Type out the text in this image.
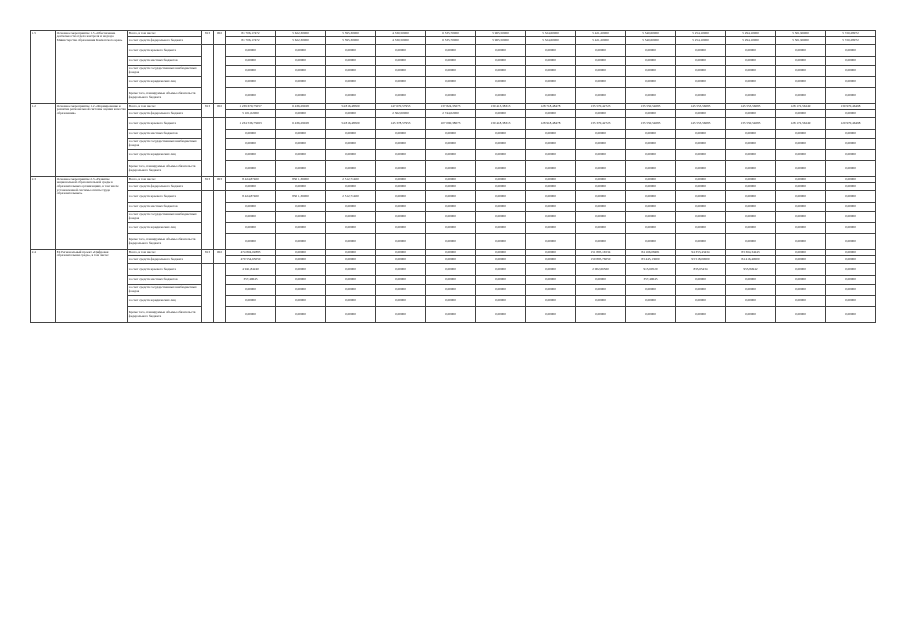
1.5	Основное мероприятие 1.5 «Обеспечение деятельности отдела контроля и надзора Министерства образования Камчатского края»	Всего, в том числе:	813	002	81 706,17472	5 622,30000	5 595,30000	4 330,50000	6 535,70000	5 965,50000	5 324,60000	5 421,20000	5 540,60000	5 254,10000	5 294,10000	5 501,96000	5 720,28972
		за счет средств федерального бюджета			81 706,17472	5 622,30000	5 595,30000	4 330,50000	6 535,70000	5 965,50000	5 324,60000	5 421,20000	5 540,60000	5 254,10000	5 294,10000	5 501,96000	5 720,28972
		за счет средств краевого бюджета			0,00000	0,00000	0,00000	0,00000	0,00000	0,00000	0,00000	0,00000	0,00000	0,00000	0,00000	0,00000	0,00000
		за счет средств местных бюджетов			0,00000	0,00000	0,00000	0,00000	0,00000	0,00000	0,00000	0,00000	0,00000	0,00000	0,00000	0,00000	0,00000
		за счет средств государственных внебюджетных фондов			0,00000	0,00000	0,00000	0,00000	0,00000	0,00000	0,00000	0,00000	0,00000	0,00000	0,00000	0,00000	0,00000
		за счет средств юридических лиц			0,00000	0,00000	0,00000	0,00000	0,00000	0,00000	0,00000	0,00000	0,00000	0,00000	0,00000	0,00000	0,00000
		Кроме того, планируемые объемы обязательств федерального бюджета			0,00000	0,00000	0,00000	0,00000	0,00000	0,00000	0,00000	0,00000	0,00000	0,00000	0,00000	0,00000	0,00000
1.2	Основное мероприятие 1.2 «Формирование и развитие региональной системы оценки качества образования»	Всего, в том числе:	813	002	1 239 670,75057	6 436,29028	54 816,48500	147 670,57953	137 824,35073	130 413,38313	128 718,48478	135 570,42723	135 550,54085	145 553,56085	145 553,56085	128 172,56249	130 970,46498
		за счет средств федерального бюджета			5 101,02000	0,00000	0,00000	2 362,00000	2 744,02000	0,00000	0,00000	0,00000	0,00000	0,00000	0,00000	0,00000	0,00000
		за счет средств краевого бюджета			1 234 536,75063	6 436,29028	54 816,48500	145 378,57953	107 090,38073	130 418,38313	128 918,48478	135 370,42723	135 550,54085	145 553,56085	135 550,54085	128 172,56249	120 970,46498
		за счет средств местных бюджетов			0,00000	0,00000	0,00000	0,00000	0,00000	0,00000	0,00000	0,00000	0,00000	0,00000	0,00000	0,00000	0,00000
		за счет средств государственных внебюджетных фондов			0,00000	0,00000	0,00000	0,00000	0,00000	0,00000	0,00000	0,00000	0,00000	0,00000	0,00000	0,00000	0,00000
		за счет средств юридических лиц			0,00000	0,00000	0,00000	0,00000	0,00000	0,00000	0,00000	0,00000	0,00000	0,00000	0,00000	0,00000	0,00000
		Кроме того, планируемые объемы обязательств федерального бюджета			0,00000	0,00000	0,00000	0,00000	0,00000	0,00000	0,00000	0,00000	0,00000	0,00000	0,00000	0,00000	0,00000
2.3	Основное мероприятие 2.3 «Развитие национальной образовательной среды в образовательных организациях, в том числе установленной системы оплаты труда образовательных»	Всего, в том числе:	813	003	8 424,87400	850 1,36000	2 512,71400	0,00000	0,00000	0,00000	0,00000	0,00000	0,00000	0,00000	0,00000	0,00000	0,00000
		за счет средств федерального бюджета			0,00000	0,00000	0,00000	0,00000	0,00000	0,00000	0,00000	0,00000	0,00000	0,00000	0,00000	0,00000	0,00000
		за счет средств краевого бюджета			8 424,87400	850 1,36000	2 512,71400	0,00000	0,00000	0,00000	0,00000	0,00000	0,00000	0,00000	0,00000	0,00000	0,00000
		за счет средств местных бюджетов			0,00000	0,00000	0,00000	0,00000	0,00000	0,00000	0,00000	0,00000	0,00000	0,00000	0,00000	0,00000	0,00000
		за счет средств государственных внебюджетных фондов			0,00000	0,00000	0,00000	0,00000	0,00000	0,00000	0,00000	0,00000	0,00000	0,00000	0,00000	0,00000	0,00000
		за счет средств юридических лиц			0,00000	0,00000	0,00000	0,00000	0,00000	0,00000	0,00000	0,00000	0,00000	0,00000	0,00000	0,00000	0,00000
		Кроме того, планируемые объемы обязательств федерального бюджета			0,00000	0,00000	0,00000	0,00000	0,00000	0,00000	0,00000	0,00000	0,00000	0,00000	0,00000	0,00000	0,00000
2.4	Е4 Региональный проект «Цифровая образовательная среда», в том числе:	Всего, в том числе:	813	002	474 804,02883	0,00000	0,00000	0,00000	0,00000	0,00000	0,00000	151 895,16534	84 166,08481	94 353,43434	83 364,34243	0,00000	0,00000
		за счет средств федерального бюджета			470 554,65050	0,00000	0,00000	0,00000	0,00000	0,00000	0,00000	150 895,76050	83 445,13000	93 518,00000	84 416,40000	0,00000	0,00000
		за счет средств краевого бюджета			4 941,84240	0,00000	0,00000	0,00000	0,00000	0,00000	0,00000	2 002,66560	913,60520	833,65434	953,84942	0,00000	0,00000
		за счет средств местных бюджетов			357,49645	0,00000	0,00000	0,00000	0,00000	0,00000	0,00000	0,00000	357,49645	0,00000	0,00000	0,00000	0,00000
		за счет средств государственных внебюджетных фондов			0,00000	0,00000	0,00000	0,00000	0,00000	0,00000	0,00000	0,00000	0,00000	0,00000	0,00000	0,00000	0,00000
		за счет средств юридических лиц			0,00000	0,00000	0,00000	0,00000	0,00000	0,00000	0,00000	0,00000	0,00000	0,00000	0,00000	0,00000	0,00000
		Кроме того, планируемые объемы обязательств федерального бюджета			0,00000	0,00000	0,00000	0,00000	0,00000	0,00000	0,00000	0,00000	0,00000	0,00000	0,00000	0,00000	0,00000
